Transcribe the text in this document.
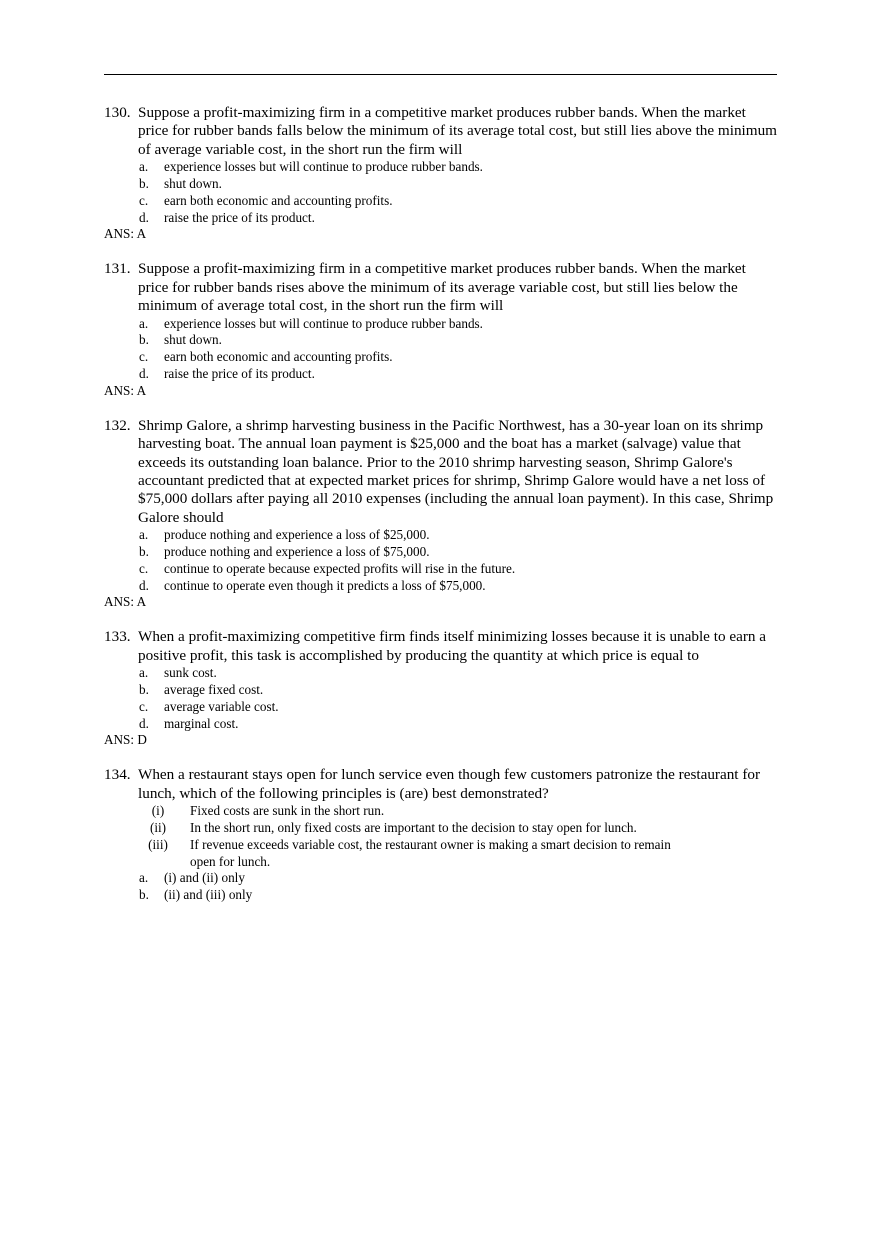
130. Suppose a profit-maximizing firm in a competitive market produces rubber bands. When the market price for rubber bands falls below the minimum of its average total cost, but still lies above the minimum of average variable cost, in the short run the firm will
a. experience losses but will continue to produce rubber bands.
b. shut down.
c. earn both economic and accounting profits.
d. raise the price of its product.
ANS: A
131. Suppose a profit-maximizing firm in a competitive market produces rubber bands. When the market price for rubber bands rises above the minimum of its average variable cost, but still lies below the minimum of average total cost, in the short run the firm will
a. experience losses but will continue to produce rubber bands.
b. shut down.
c. earn both economic and accounting profits.
d. raise the price of its product.
ANS: A
132. Shrimp Galore, a shrimp harvesting business in the Pacific Northwest, has a 30-year loan on its shrimp harvesting boat. The annual loan payment is $25,000 and the boat has a market (salvage) value that exceeds its outstanding loan balance. Prior to the 2010 shrimp harvesting season, Shrimp Galore's accountant predicted that at expected market prices for shrimp, Shrimp Galore would have a net loss of $75,000 dollars after paying all 2010 expenses (including the annual loan payment). In this case, Shrimp Galore should
a. produce nothing and experience a loss of $25,000.
b. produce nothing and experience a loss of $75,000.
c. continue to operate because expected profits will rise in the future.
d. continue to operate even though it predicts a loss of $75,000.
ANS: A
133. When a profit-maximizing competitive firm finds itself minimizing losses because it is unable to earn a positive profit, this task is accomplished by producing the quantity at which price is equal to
a. sunk cost.
b. average fixed cost.
c. average variable cost.
d. marginal cost.
ANS: D
134. When a restaurant stays open for lunch service even though few customers patronize the restaurant for lunch, which of the following principles is (are) best demonstrated?
(i)	Fixed costs are sunk in the short run.
(ii)	In the short run, only fixed costs are important to the decision to stay open for lunch.
(iii)	If revenue exceeds variable cost, the restaurant owner is making a smart decision to remain
open for lunch.
a. (i) and (ii) only
b. (ii) and (iii) only
